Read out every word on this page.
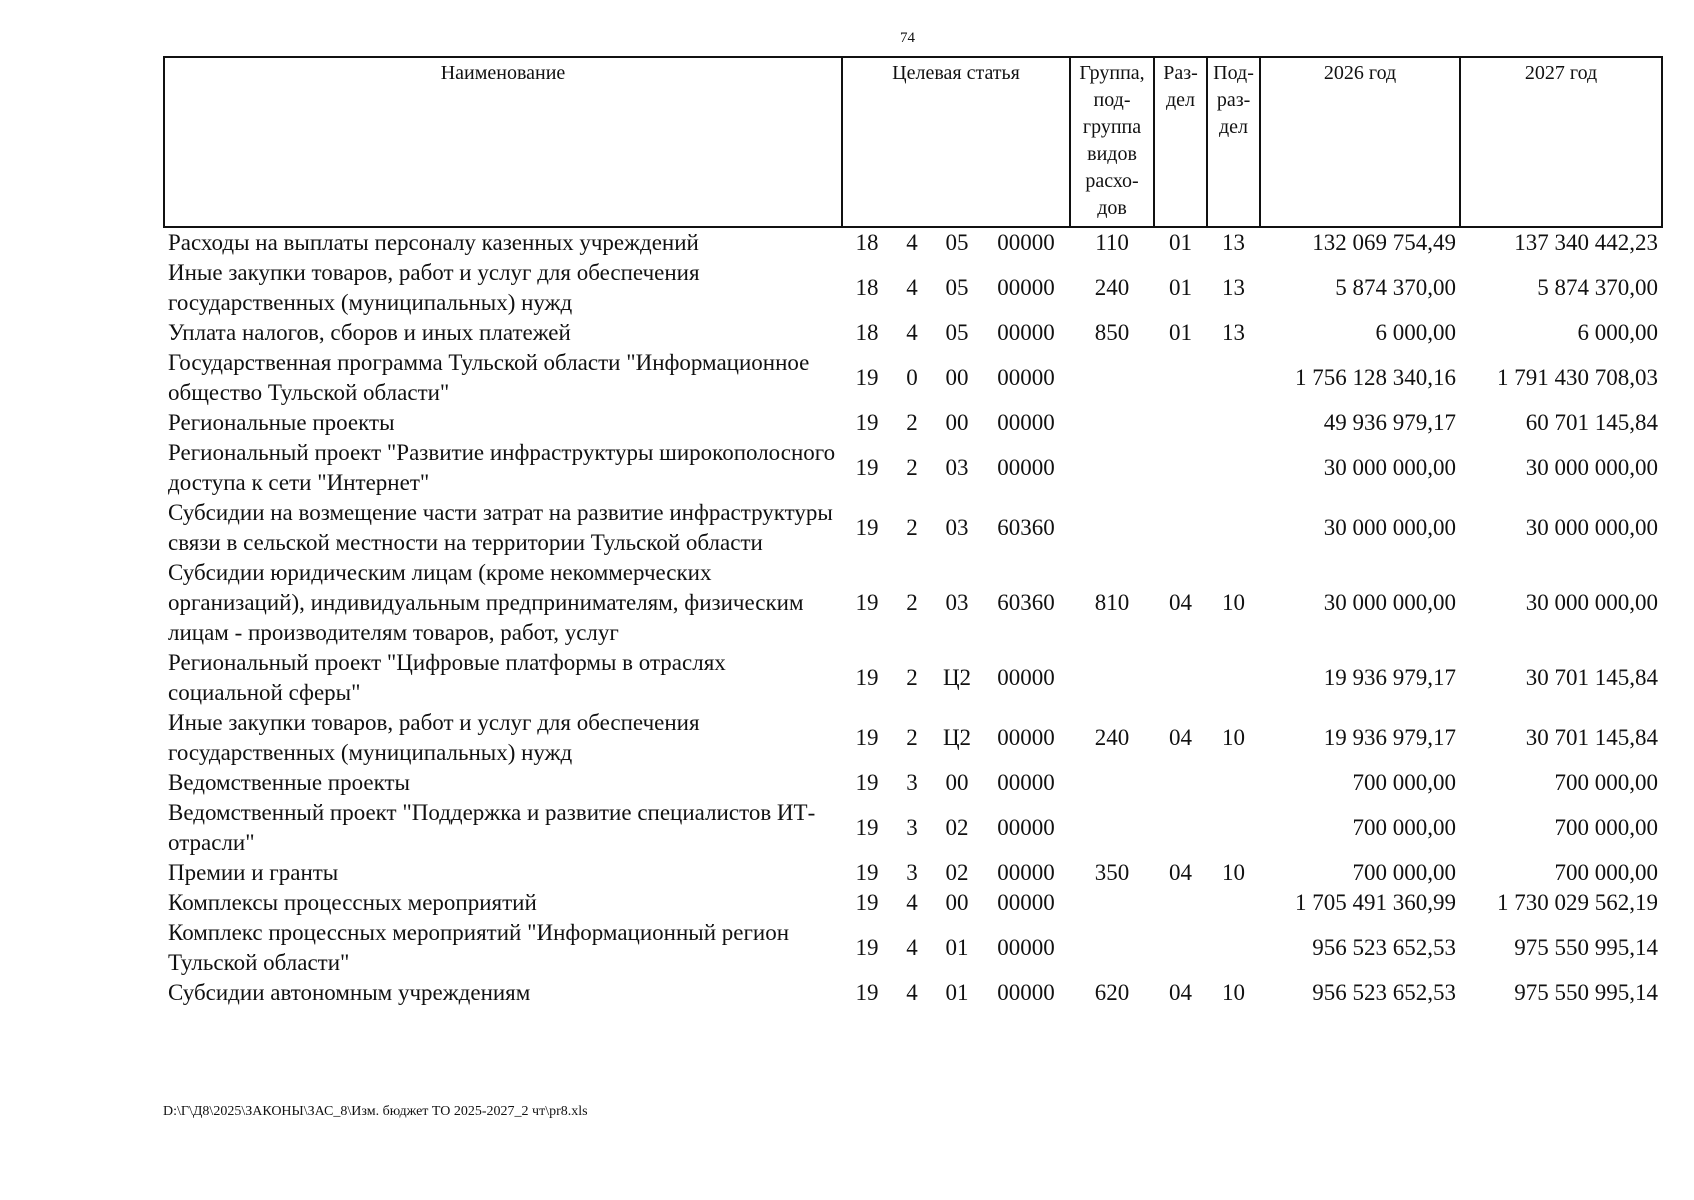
74
Наименование	Целевая статья				Группа, под-группа видов расхо-дов	Раз-дел	Под-раз-дел	2026 год	2027 год
Расходы на выплаты персоналу казенных учреждений	18	4	05	00000	110	01	13	132 069 754,49	137 340 442,23
Иные закупки товаров, работ и услуг для обеспечения государственных (муниципальных) нужд	18	4	05	00000	240	01	13	5 874 370,00	5 874 370,00
Уплата налогов, сборов и иных платежей	18	4	05	00000	850	01	13	6 000,00	6 000,00
Государственная программа Тульской области "Информационное общество Тульской области"	19	0	00	00000				1 756 128 340,16	1 791 430 708,03
Региональные проекты	19	2	00	00000				49 936 979,17	60 701 145,84
Региональный проект "Развитие инфраструктуры широкополосного доступа к сети "Интернет"	19	2	03	00000				30 000 000,00	30 000 000,00
Субсидии на возмещение части затрат на развитие инфраструктуры связи в сельской местности на территории Тульской области	19	2	03	60360				30 000 000,00	30 000 000,00
Субсидии юридическим лицам (кроме некоммерческих организаций), индивидуальным предпринимателям, физическим лицам - производителям товаров, работ, услуг	19	2	03	60360	810	04	10	30 000 000,00	30 000 000,00
Региональный проект "Цифровые платформы в отраслях социальной сферы"	19	2	Ц2	00000				19 936 979,17	30 701 145,84
Иные закупки товаров, работ и услуг для обеспечения государственных (муниципальных) нужд	19	2	Ц2	00000	240	04	10	19 936 979,17	30 701 145,84
Ведомственные проекты	19	3	00	00000				700 000,00	700 000,00
Ведомственный проект "Поддержка и развитие специалистов ИТ-отрасли"	19	3	02	00000				700 000,00	700 000,00
Премии и гранты	19	3	02	00000	350	04	10	700 000,00	700 000,00
Комплексы процессных мероприятий	19	4	00	00000				1 705 491 360,99	1 730 029 562,19
Комплекс процессных мероприятий "Информационный регион Тульской области"	19	4	01	00000				956 523 652,53	975 550 995,14
Субсидии автономным учреждениям	19	4	01	00000	620	04	10	956 523 652,53	975 550 995,14
D:\Г\Д8\2025\ЗАКОНЫ\ЗАС_8\Изм. бюджет ТО 2025-2027_2 чт\pr8.xls
